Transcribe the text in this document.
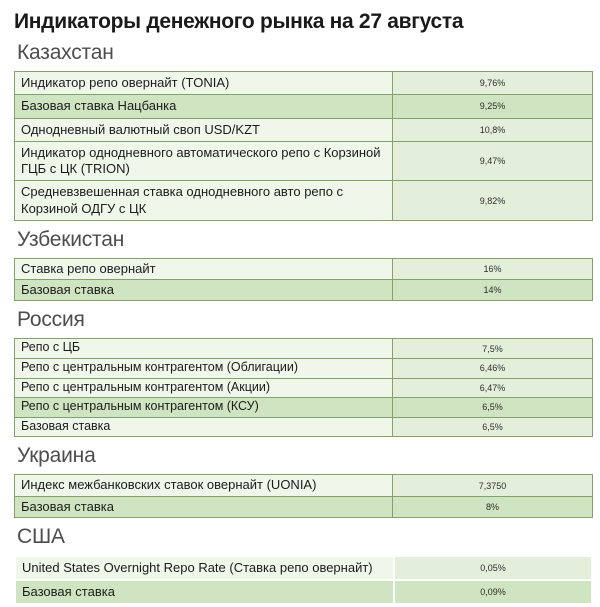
Индикаторы денежного рынка на 27 августа
Казахстан
Индикатор репо овернайт (TONIA)	9,76%
Базовая ставка Нацбанка	9,25%
Однодневный валютный своп USD/KZT	10,8%
Индикатор однодневного автоматического репо с Корзиной ГЦБ с ЦК (TRION)	9,47%
Средневзвешенная ставка однодневного авто репо с Корзиной ОДГУ с ЦК	9,82%
Узбекистан
Ставка репо овернайт	16%
Базовая ставка	14%
Россия
Репо с ЦБ	7,5%
Репо с центральным контрагентом (Облигации)	6,46%
Репо с центральным контрагентом (Акции)	6,47%
Репо с центральным контрагентом (КСУ)	6,5%
Базовая ставка	6,5%
Украина
Индекс межбанковских ставок овернайт (UONIA)	7,3750
Базовая ставка	8%
США
United States Overnight Repo Rate (Ставка репо овернайт)	0,05%
Базовая ставка	0,09%
